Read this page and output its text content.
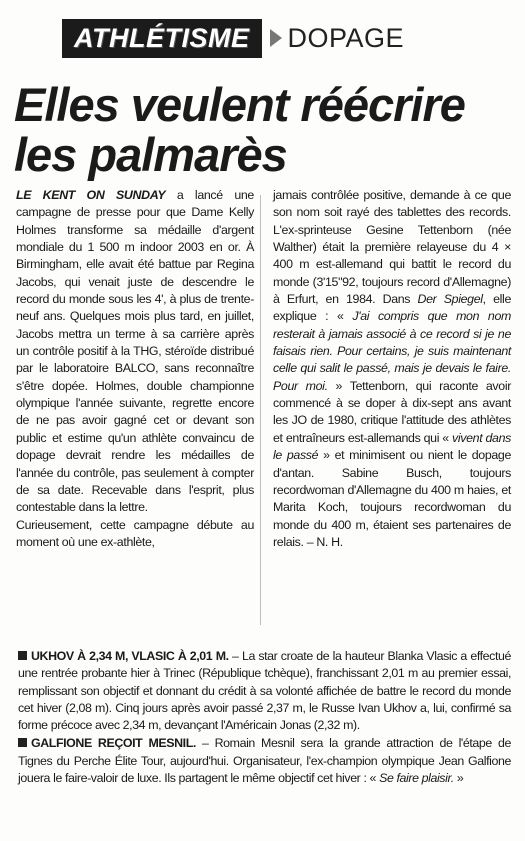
ATHLÉTISME	DOPAGE
Elles veulent réécrire
les palmarès

LE KENT ON SUNDAY a lancé une campagne de presse pour que Dame Kelly Holmes transforme sa médaille d'argent mondiale du 1 500 m indoor 2003 en or. À Birmingham, elle avait été battue par Regina Jacobs, qui venait juste de descendre le record du monde sous les 4', à plus de trente-neuf ans. Quelques mois plus tard, en juillet, Jacobs mettra un terme à sa carrière après un contrôle positif à la THG, stéroïde distribué par le laboratoire BALCO, sans reconnaître s'être dopée. Holmes, double championne olympique l'année suivante, regrette encore de ne pas avoir gagné cet or devant son public et estime qu'un athlète convaincu de dopage devrait rendre les médailles de l'année du contrôle, pas seulement à compter de sa date. Recevable dans l'esprit, plus contestable dans la lettre.

Curieusement, cette campagne débute au moment où une ex-athlète,

jamais contrôlée positive, demande à ce que son nom soit rayé des tablettes des records. L'ex-sprinteuse Gesine Tettenborn (née Walther) était la première relayeuse du 4 × 400 m est-allemand qui battit le record du monde (3'15"92, toujours record d'Allemagne) à Erfurt, en 1984. Dans Der Spiegel, elle explique : « J'ai compris que mon nom resterait à jamais associé à ce record si je ne faisais rien. Pour certains, je suis maintenant celle qui salit le passé, mais je devais le faire. Pour moi. » Tettenborn, qui raconte avoir commencé à se doper à dix-sept ans avant les JO de 1980, critique l'attitude des athlètes et entraîneurs est-allemands qui « vivent dans le passé » et minimisent ou nient le dopage d'antan. Sabine Busch, toujours recordwoman d'Allemagne du 400 m haies, et Marita Koch, toujours recordwoman du monde du 400 m, étaient ses partenaires de relais. – N. H.

UKHOV À 2,34 M, VLASIC À 2,01 M. – La star croate de la hauteur Blanka Vlasic a effectué une rentrée probante hier à Trinec (République tchèque), franchissant 2,01 m au premier essai, remplissant son objectif et donnant du crédit à sa volonté affichée de battre le record du monde cet hiver (2,08 m). Cinq jours après avoir passé 2,37 m, le Russe Ivan Ukhov a, lui, confirmé sa forme précoce avec 2,34 m, devançant l'Américain Jonas (2,32 m).

GALFIONE REÇOIT MESNIL. – Romain Mesnil sera la grande attraction de l'étape de Tignes du Perche Élite Tour, aujourd'hui. Organisateur, l'ex-champion olympique Jean Galfione jouera le faire-valoir de luxe. Ils partagent le même objectif cet hiver : « Se faire plaisir. »
